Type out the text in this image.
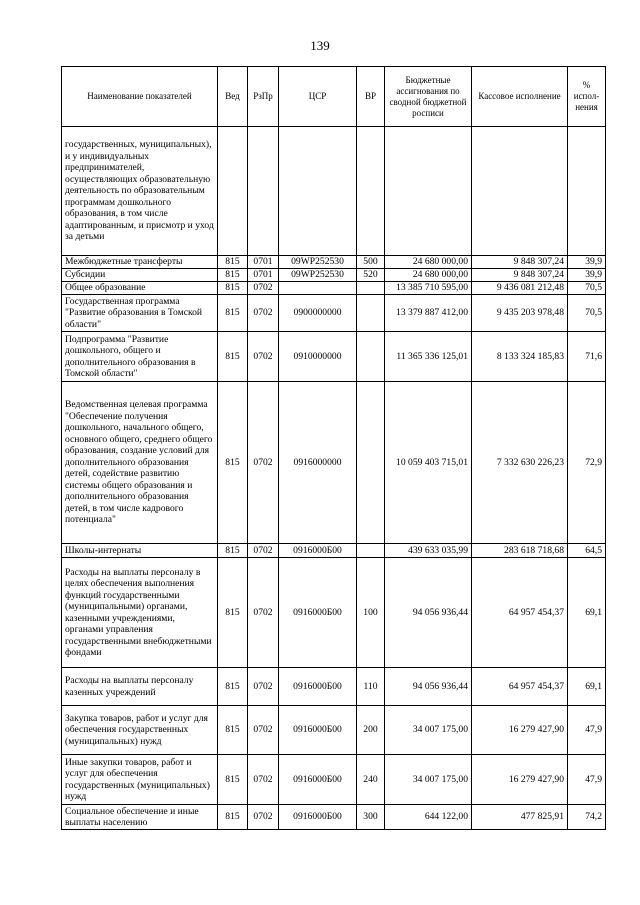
139
Наименование показателей	Вед	РзПр	ЦСР	ВР	Бюджетные ассигнования по сводной бюджетной росписи	Кассовое исполнение	% испол-нения
государственных, муниципальных), и у индивидуальных предпринимателей, осуществляющих образовательную деятельность по образовательным программам дошкольного образования, в том числе адаптированным, и присмотр и уход за детьми							
Межбюджетные трансферты	815	0701	09WP252530	500	24 680 000,00	9 848 307,24	39,9
Субсидии	815	0701	09WP252530	520	24 680 000,00	9 848 307,24	39,9
Общее образование	815	0702			13 385 710 595,00	9 436 081 212,48	70,5
Государственная программа "Развитие образования в Томской области"	815	0702	0900000000		13 379 887 412,00	9 435 203 978,48	70,5
Подпрограмма "Развитие дошкольного, общего и дополнительного образования в Томской области"	815	0702	0910000000		11 365 336 125,01	8 133 324 185,83	71,6
Ведомственная целевая программа "Обеспечение получения дошкольного, начального общего, основного общего, среднего общего образования, создание условий для дополнительного образования детей, содействие развитию системы общего образования и дополнительного образования детей, в том числе кадрового потенциала"	815	0702	0916000000		10 059 403 715,01	7 332 630 226,23	72,9
Школы-интернаты	815	0702	0916000Б00		439 633 035,99	283 618 718,68	64,5
Расходы на выплаты персоналу в целях обеспечения выполнения функций государственными (муниципальными) органами, казенными учреждениями, органами управления государственными внебюджетными фондами	815	0702	0916000Б00	100	94 056 936,44	64 957 454,37	69,1
Расходы на выплаты персоналу казенных учреждений	815	0702	0916000Б00	110	94 056 936,44	64 957 454,37	69,1
Закупка товаров, работ и услуг для обеспечения государственных (муниципальных) нужд	815	0702	0916000Б00	200	34 007 175,00	16 279 427,90	47,9
Иные закупки товаров, работ и услуг для обеспечения государственных (муниципальных) нужд	815	0702	0916000Б00	240	34 007 175,00	16 279 427,90	47,9
Социальное обеспечение и иные выплаты населению	815	0702	0916000Б00	300	644 122,00	477 825,91	74,2
